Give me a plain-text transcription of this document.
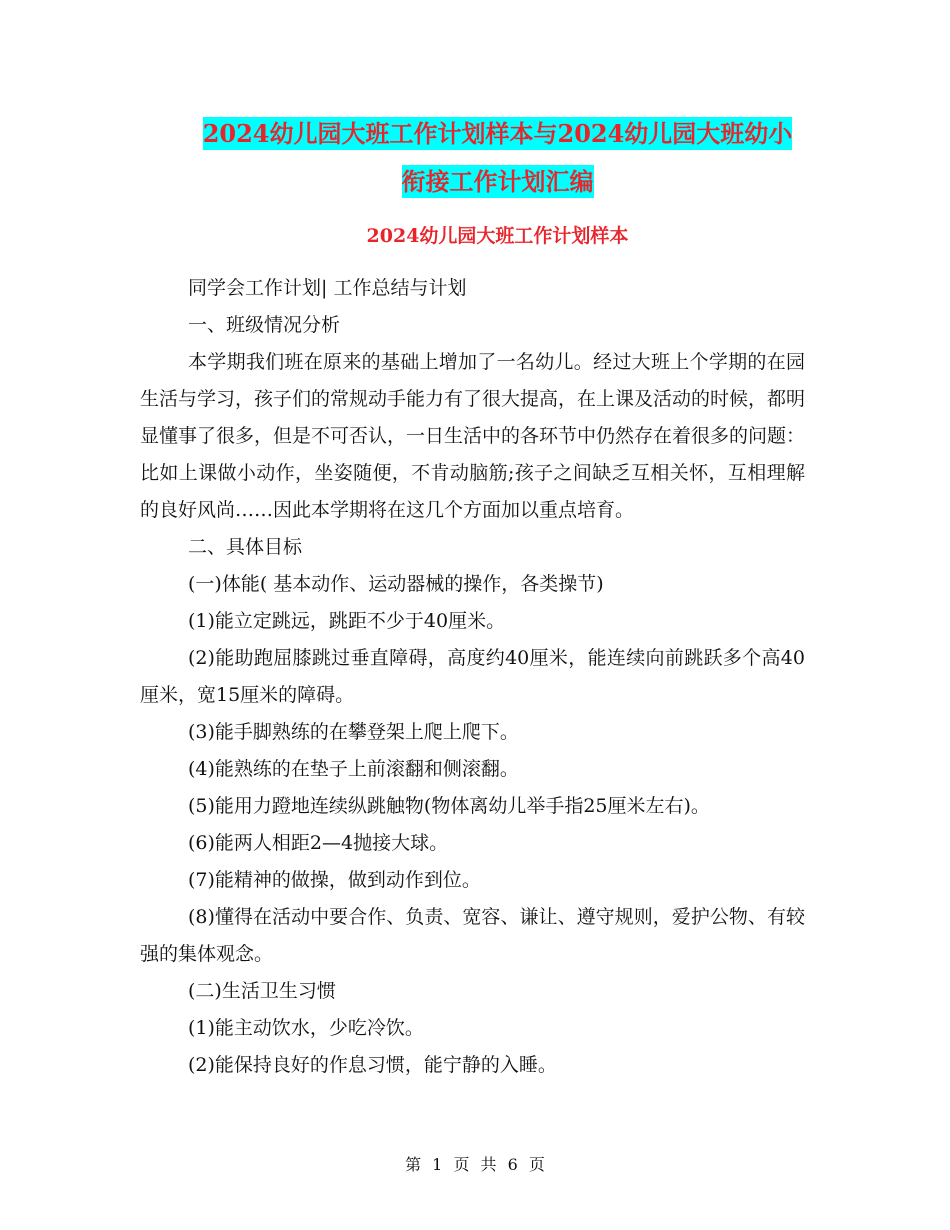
2024幼儿园大班工作计划样本与2024幼儿园大班幼小
衔接工作计划汇编
2024幼儿园大班工作计划样本

同学会工作计划| 工作总结与计划

一、班级情况分析

本学期我们班在原来的基础上增加了一名幼儿。经过大班上个学期的在园生活与学习，孩子们的常规动手能力有了很大提高，在上课及活动的时候，都明显懂事了很多，但是不可否认，一日生活中的各环节中仍然存在着很多的问题：比如上课做小动作，坐姿随便，不肯动脑筋;孩子之间缺乏互相关怀，互相理解的良好风尚……因此本学期将在这几个方面加以重点培育。

二、具体目标

(一)体能( 基本动作、运动器械的操作，各类操节)

(1)能立定跳远，跳距不少于40厘米。

(2)能助跑屈膝跳过垂直障碍，高度约40厘米，能连续向前跳跃多个高40厘米，宽15厘米的障碍。

(3)能手脚熟练的在攀登架上爬上爬下。

(4)能熟练的在垫子上前滚翻和侧滚翻。

(5)能用力蹬地连续纵跳触物(物体离幼儿举手指25厘米左右)。

(6)能两人相距2—4抛接大球。

(7)能精神的做操，做到动作到位。

(8)懂得在活动中要合作、负责、宽容、谦让、遵守规则，爱护公物、有较强的集体观念。

(二)生活卫生习惯

(1)能主动饮水，少吃冷饮。

(2)能保持良好的作息习惯，能宁静的入睡。

第 1 页 共 6 页
